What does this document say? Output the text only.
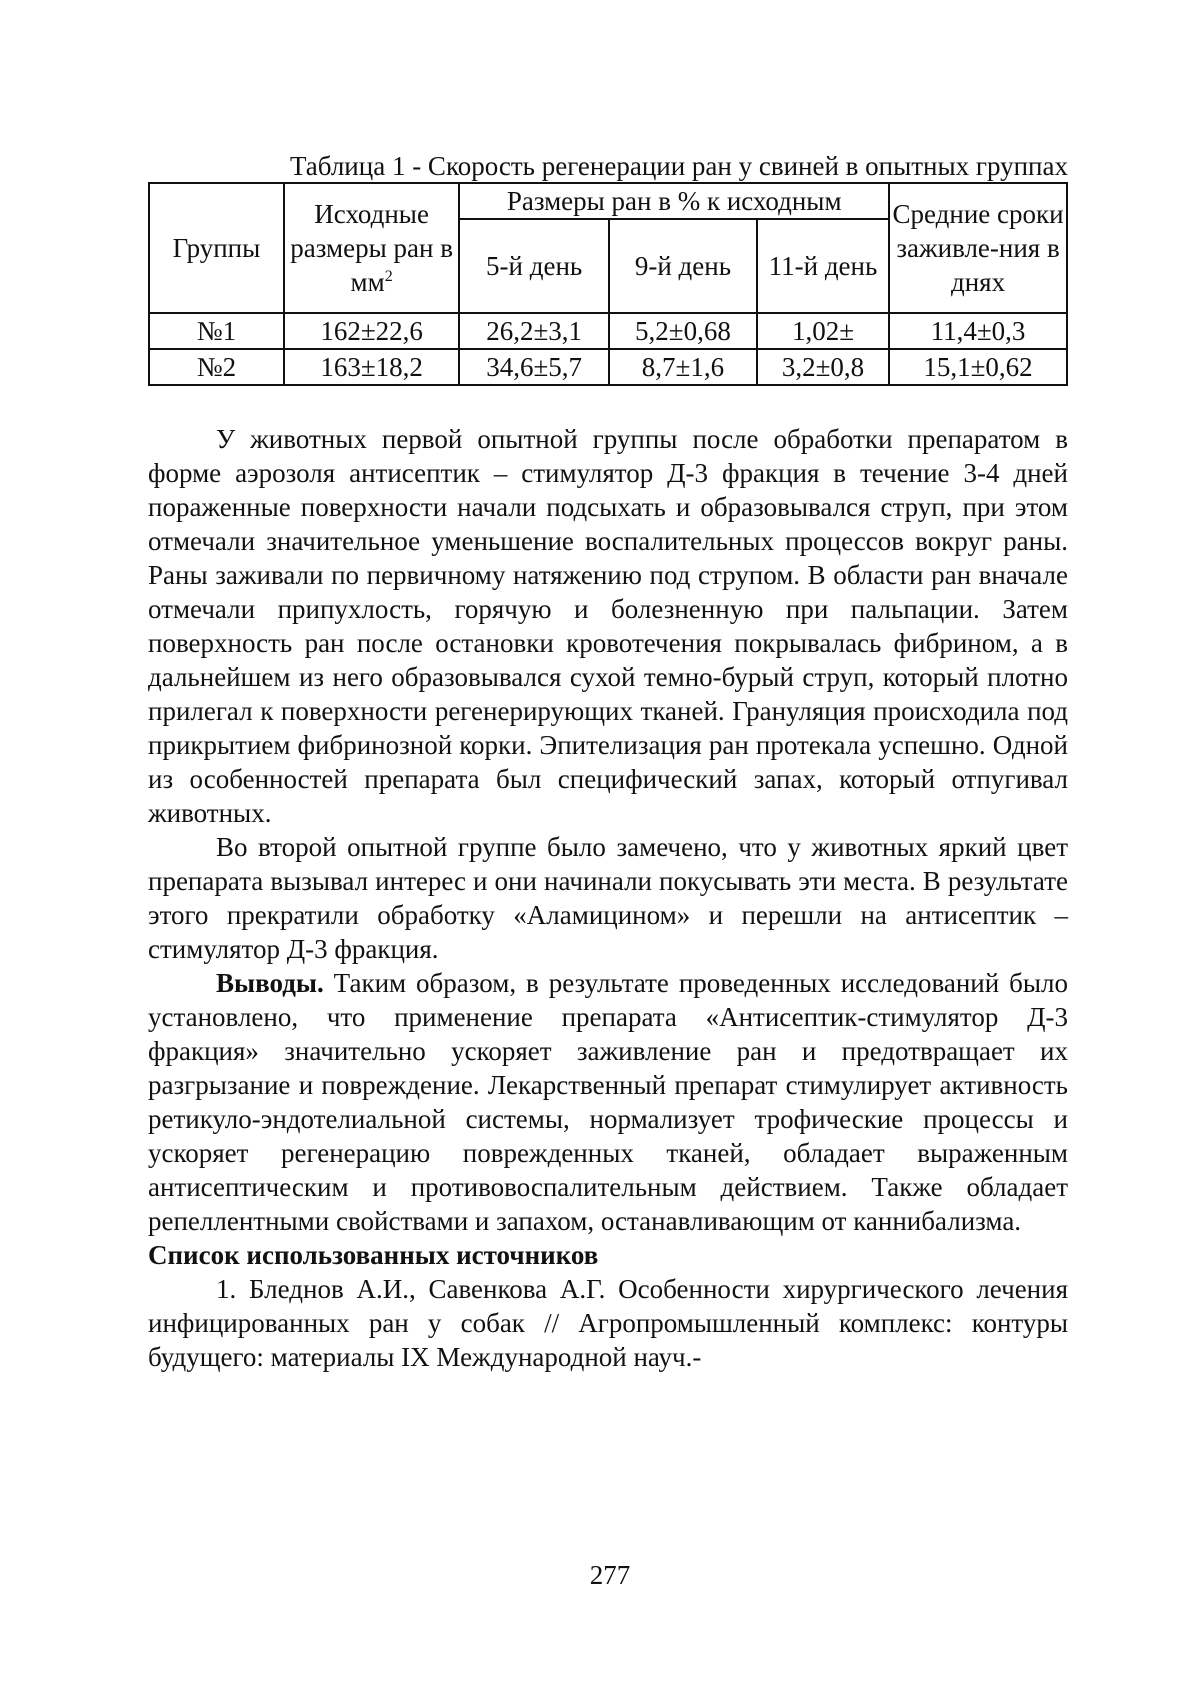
Таблица 1 - Скорость регенерации ран у свиней в опытных группах

Группы	Исходные размеры ран в $мм^2$	Размеры ран в % к исходным			Средние сроки заживле-ния в днях
		5-й день	9-й день	11-й день	
№1	162±22,6	26,2±3,1	5,2±0,68	1,02±	11,4±0,3
№2	163±18,2	34,6±5,7	8,7±1,6	3,2±0,8	15,1±0,62

У животных первой опытной группы после обработки препаратом в форме аэрозоля антисептик – стимулятор Д-3 фракция в течение 3-4 дней пораженные поверхности начали подсыхать и образовывался струп, при этом отмечали значительное уменьшение воспалительных процессов вокруг раны. Раны заживали по первичному натяжению под струпом. В области ран вначале отмечали припухлость, горячую и болезненную при пальпации. Затем поверхность ран после остановки кровотечения покрывалась фибрином, а в дальнейшем из него образовывался сухой темно-бурый струп, который плотно прилегал к поверхности регенерирующих тканей. Грануляция происходила под прикрытием фибринозной корки. Эпителизация ран протекала успешно. Одной из особенностей препарата был специфический запах, который отпугивал животных.

Во второй опытной группе было замечено, что у животных яркий цвет препарата вызывал интерес и они начинали покусывать эти места. В результате этого прекратили обработку «Аламицином» и перешли на антисептик – стимулятор Д-3 фракция.

Выводы. Таким образом, в результате проведенных исследований было установлено, что применение препарата «Антисептик-стимулятор Д-3 фракция» значительно ускоряет заживление ран и предотвращает их разгрызание и повреждение. Лекарственный препарат стимулирует активность ретикуло-эндотелиальной системы, нормализует трофические процессы и ускоряет регенерацию поврежденных тканей, обладает выраженным антисептическим и противовоспалительным действием. Также обладает репеллентными свойствами и запахом, останавливающим от каннибализма.

Список использованных источников

1. Бледнов А.И., Савенкова А.Г. Особенности хирургического лечения инфицированных ран у собак // Агропромышленный комплекс: контуры будущего: материалы IX Международной науч.-

277
